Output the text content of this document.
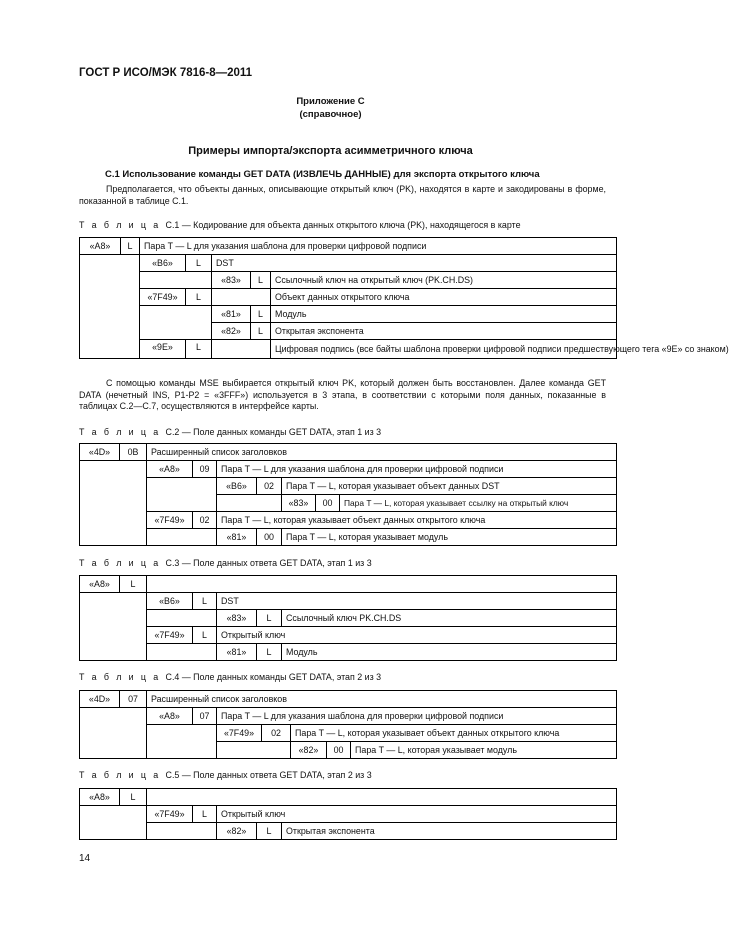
ГОСТ Р ИСО/МЭК 7816-8—2011
Приложение C
(справочное)
Примеры импорта/экспорта асимметричного ключа
C.1 Использование команды GET DATA (ИЗВЛЕЧЬ ДАННЫЕ) для экспорта открытого ключа
Предполагается, что объекты данных, описывающие открытый ключ (PK), находятся в карте и закодированы в форме, показанной в таблице C.1.
Т а б л и ц а C.1 — Кодирование для объекта данных открытого ключа (PK), находящегося в карте
«A8»	L	Пара T — L для указания шаблона для проверки цифровой подписи				
		«B6»	L	DST		
				«83»	L	Ссылочный ключ на открытый ключ (PK.CH.DS)
		«7F49»	L			Объект данных открытого ключа
				«81»	L	Модуль
				«82»	L	Открытая экспонента
		«9E»	L			Цифровая подпись (все байты шаблона проверки цифровой подписи предшествующего тега «9E» со знаком)
С помощью команды MSE выбирается открытый ключ PK, который должен быть восстановлен. Далее команда GET DATA (нечетный INS, P1-P2 = «3FFF») используется в 3 этапа, в соответствии с которыми поля данных, показанные в таблицах C.2—C.7, осуществляются в интерфейсе карты.
Т а б л и ц а C.2 — Поле данных команды GET DATA, этап 1 из 3
«4D»	0B	Расширенный список заголовков						
		«A8»	09	Пара T — L для указания шаблона для проверки цифровой подписи				
				«B6»	02	Пара T — L, которая указывает объект данных DST		
						«83»	00	Пара T — L, которая указывает ссылку на открытый ключ
		«7F49»	02	Пара T — L, которая указывает объект данных открытого ключа				
				«81»	00	Пара T — L, которая указывает модуль		
Т а б л и ц а C.3 — Поле данных ответа GET DATA, этап 1 из 3
«A8»	L					
		«B6»	L	DST		
				«83»	L	Ссылочный ключ PK.CH.DS
		«7F49»	L	Открытый ключ		
				«81»	L	Модуль
Т а б л и ц а C.4 — Поле данных команды GET DATA, этап 2 из 3
«4D»	07	Расширенный список заголовков						
		«A8»	07	Пара T — L для указания шаблона для проверки цифровой подписи				
				«7F49»	02	Пара T — L, которая указывает объект данных открытого ключа		
						«82»	00	Пара T — L, которая указывает модуль
Т а б л и ц а C.5 — Поле данных ответа GET DATA, этап 2 из 3
«A8»	L					
		«7F49»	L	Открытый ключ		
				«82»	L	Открытая экспонента
14
